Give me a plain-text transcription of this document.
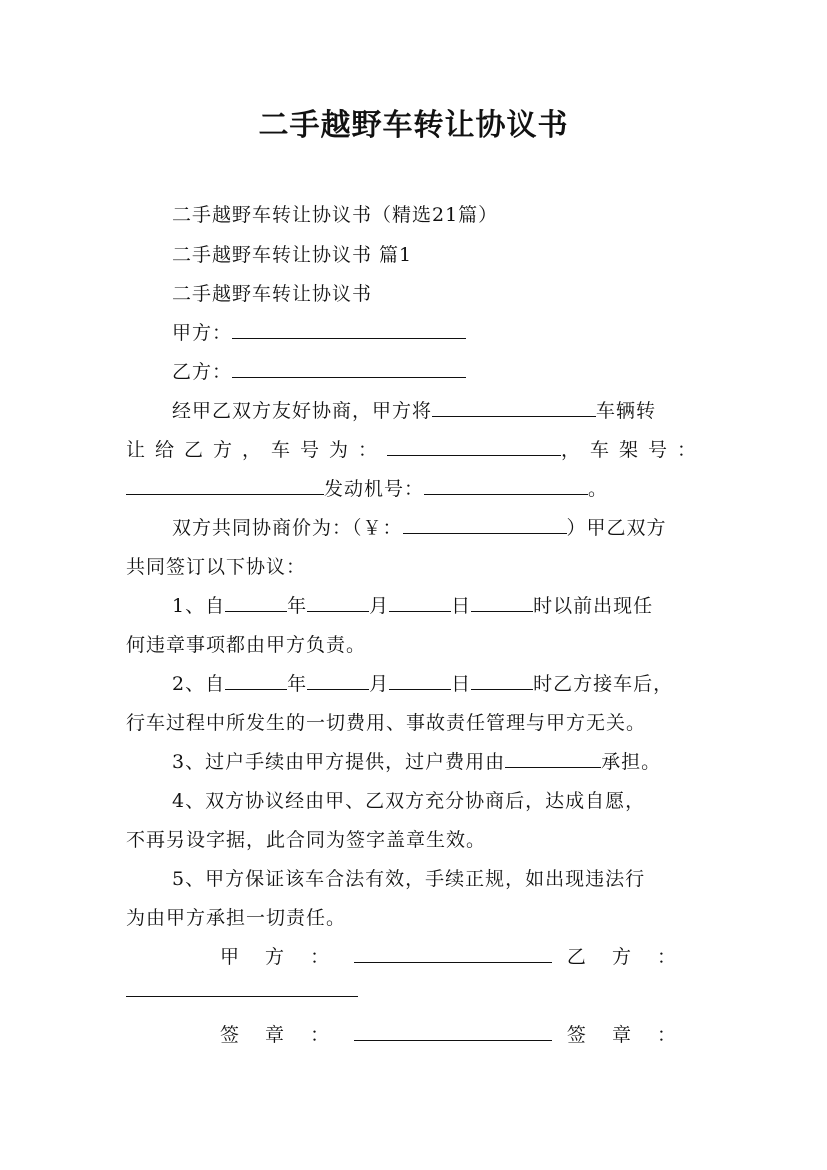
二手越野车转让协议书
二手越野车转让协议书（精选21篇）
二手越野车转让协议书 篇1
二手越野车转让协议书
甲方：
乙方：
经甲乙双方友好协商，甲方将	车辆转
让给乙方，车号为：	，车架号：
发动机号：	。
双方共同协商价为：（￥：	）甲乙双方
共同签订以下协议：
1、自	年	月	日	时以前出现任
何违章事项都由甲方负责。
2、自	年	月	日	时乙方接车后，
行车过程中所发生的一切费用、事故责任管理与甲方无关。
3、过户手续由甲方提供，过户费用由	承担。
4、双方协议经由甲、乙双方充分协商后，达成自愿，
不再另设字据，此合同为签字盖章生效。
5、甲方保证该车合法有效，手续正规，如出现违法行
为由甲方承担一切责任。
甲 方 ：	乙 方 ：
签 章 ：	签 章 ：
